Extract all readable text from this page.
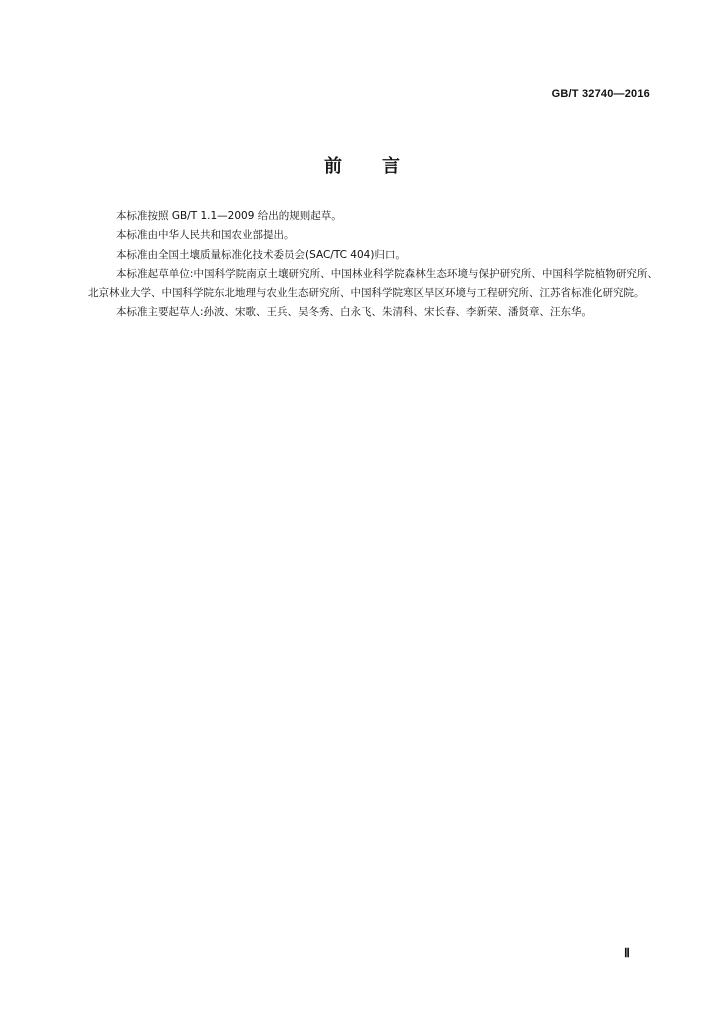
GB/T 32740—2016
前 言

本标准按照 GB/T 1.1—2009 给出的规则起草。

本标准由中华人民共和国农业部提出。

本标准由全国土壤质量标准化技术委员会(SAC/TC 404)归口。

本标准起草单位:中国科学院南京土壤研究所、中国林业科学院森林生态环境与保护研究所、中国科学院植物研究所、北京林业大学、中国科学院东北地理与农业生态研究所、中国科学院寒区旱区环境与工程研究所、江苏省标准化研究院。

本标准主要起草人:孙波、宋歌、王兵、吴冬秀、白永飞、朱清科、宋长春、李新荣、潘贤章、汪东华。

Ⅱ
